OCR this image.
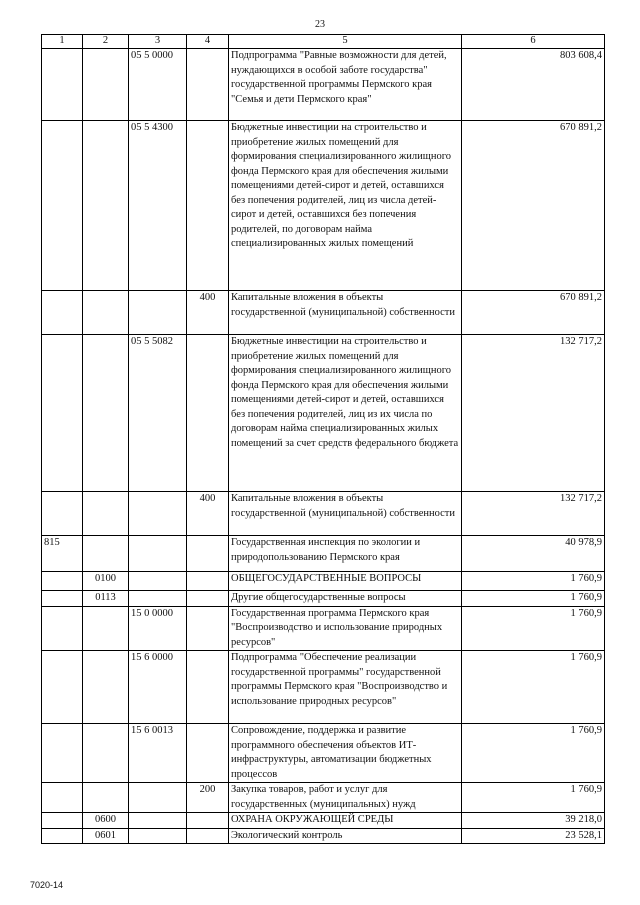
23
1	2	3	4	5	6
		05 5 0000		Подпрограмма "Равные возможности для детей, нуждающихся в особой заботе государства" государственной программы Пермского края "Семья и дети Пермского края"	803 608,4
		05 5 4300		Бюджетные инвестиции на строительство и приобретение жилых помещений для формирования специализированного жилищного фонда Пермского края для обеспечения жилыми помещениями детей-сирот и детей, оставшихся без попечения родителей, лиц из числа детей-сирот и детей, оставшихся без попечения родителей, по договорам найма специализированных жилых помещений	670 891,2
			400	Капитальные вложения в объекты государственной (муниципальной) собственности	670 891,2
		05 5 5082		Бюджетные инвестиции на строительство и приобретение жилых помещений для формирования специализированного жилищного фонда Пермского края для обеспечения жилыми помещениями детей-сирот и детей, оставшихся без попечения родителей, лиц из их числа по договорам найма специализированных жилых помещений за счет средств федерального бюджета	132 717,2
			400	Капитальные вложения в объекты государственной (муниципальной) собственности	132 717,2
815				Государственная инспекция по экологии и природопользованию Пермского края	40 978,9
	0100			ОБЩЕГОСУДАРСТВЕННЫЕ ВОПРОСЫ	1 760,9
	0113			Другие общегосударственные вопросы	1 760,9
		15 0 0000		Государственная программа Пермского края "Воспроизводство и использование природных ресурсов"	1 760,9
		15 6 0000		Подпрограмма "Обеспечение реализации государственной программы" государственной программы Пермского края "Воспроизводство и использование природных ресурсов"	1 760,9
		15 6 0013		Сопровождение, поддержка и развитие программного обеспечения объектов ИТ-инфраструктуры, автоматизации бюджетных процессов	1 760,9
			200	Закупка товаров, работ и услуг для государственных (муниципальных) нужд	1 760,9
	0600			ОХРАНА ОКРУЖАЮЩЕЙ СРЕДЫ	39 218,0
	0601			Экологический контроль	23 528,1
7020-14
